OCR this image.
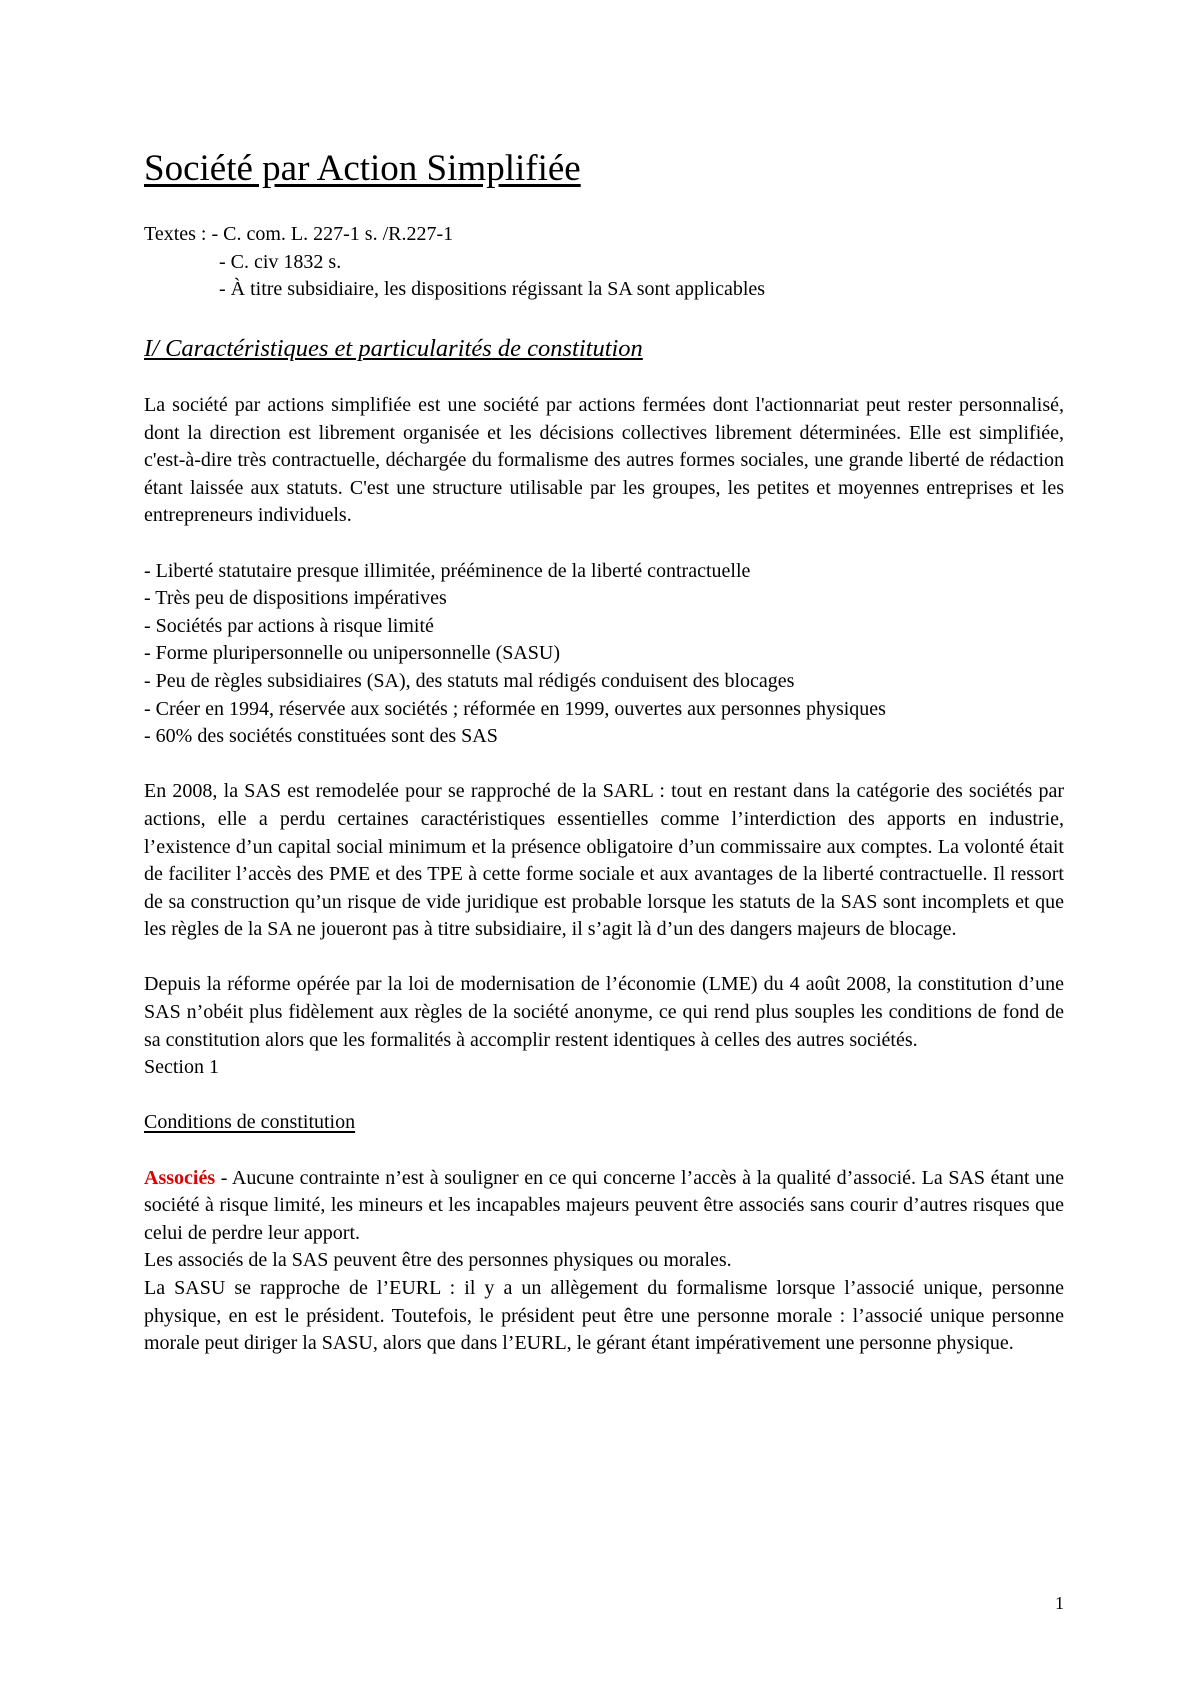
Société par Action Simplifiée
Textes : - C. com. L. 227-1 s. /R.227-1
- C. civ 1832 s.
- À titre subsidiaire, les dispositions régissant la SA sont applicables
I/ Caractéristiques et particularités de constitution

La société par actions simplifiée est une société par actions fermées dont l'actionnariat peut rester personnalisé, dont la direction est librement organisée et les décisions collectives librement déterminées. Elle est simplifiée, c'est-à-dire très contractuelle, déchargée du formalisme des autres formes sociales, une grande liberté de rédaction étant laissée aux statuts. C'est une structure utilisable par les groupes, les petites et moyennes entreprises et les entrepreneurs individuels.

- Liberté statutaire presque illimitée, prééminence de la liberté contractuelle
- Très peu de dispositions impératives
- Sociétés par actions à risque limité
- Forme pluripersonnelle ou unipersonnelle (SASU)
- Peu de règles subsidiaires (SA), des statuts mal rédigés conduisent des blocages
- Créer en 1994, réservée aux sociétés ; réformée en 1999, ouvertes aux personnes physiques
- 60% des sociétés constituées sont des SAS

En 2008, la SAS est remodelée pour se rapproché de la SARL : tout en restant dans la catégorie des sociétés par actions, elle a perdu certaines caractéristiques essentielles comme l’interdiction des apports en industrie, l’existence d’un capital social minimum et la présence obligatoire d’un commissaire aux comptes. La volonté était de faciliter l’accès des PME et des TPE à cette forme sociale et aux avantages de la liberté contractuelle. Il ressort de sa construction qu’un risque de vide juridique est probable lorsque les statuts de la SAS sont incomplets et que les règles de la SA ne joueront pas à titre subsidiaire, il s’agit là d’un des dangers majeurs de blocage.

Depuis la réforme opérée par la loi de modernisation de l’économie (LME) du 4 août 2008, la constitution d’une SAS n’obéit plus fidèlement aux règles de la société anonyme, ce qui rend plus souples les conditions de fond de sa constitution alors que les formalités à accomplir restent identiques à celles des autres sociétés.

Section 1

Conditions de constitution

Associés - Aucune contrainte n’est à souligner en ce qui concerne l’accès à la qualité d’associé. La SAS étant une société à risque limité, les mineurs et les incapables majeurs peuvent être associés sans courir d’autres risques que celui de perdre leur apport.

Les associés de la SAS peuvent être des personnes physiques ou morales.

La SASU se rapproche de l’EURL : il y a un allègement du formalisme lorsque l’associé unique, personne physique, en est le président. Toutefois, le président peut être une personne morale : l’associé unique personne morale peut diriger la SASU, alors que dans l’EURL, le gérant étant impérativement une personne physique.

1
